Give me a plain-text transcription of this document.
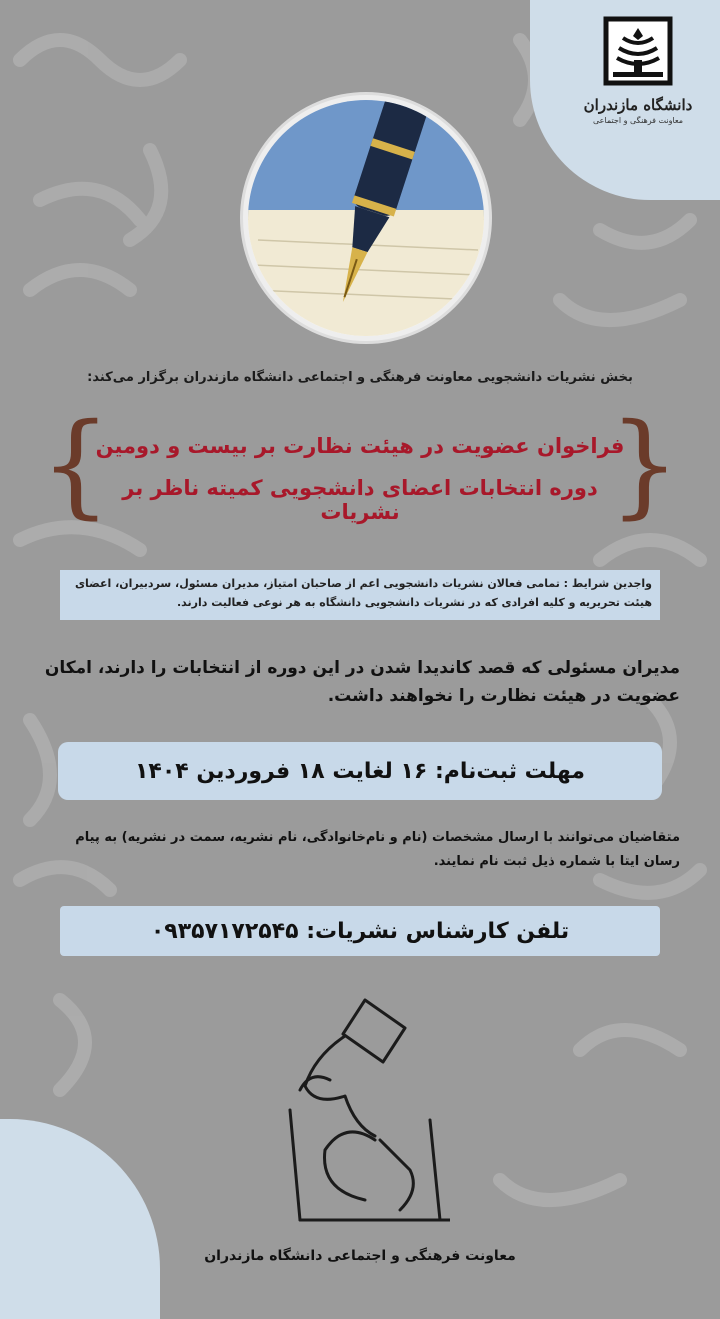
دانشگاه مازندران
معاونت فرهنگی و اجتماعی
بخش نشریات دانشجویی معاونت فرهنگی و اجتماعی دانشگاه مازندران برگزار می‌کند:
{
}
فراخوان عضویت در هیئت نظارت بر بیست و دومین
دوره انتخابات اعضای دانشجویی کمیته ناظر بر نشریات
واجدین شرایط : تمامی فعالان نشریات دانشجویی اعم از صاحبان امتیاز، مدیران مسئول، سردبیران، اعضای هیئت تحریریه و کلیه افرادی که در نشریات دانشجویی دانشگاه به هر نوعی فعالیت دارند.
مدیران مسئولی که قصد کاندیدا شدن در این دوره از انتخابات را دارند، امکان عضویت در هیئت نظارت را نخواهند داشت.
مهلت ثبت‌نام: ۱۶ لغایت ۱۸ فروردین ۱۴۰۴
متقاضیان می‌توانند با ارسال مشخصات (نام و نام‌خانوادگی، نام نشریه، سمت در نشریه) به پیام رسان ایتا با شماره ذیل ثبت نام نمایند.
تلفن کارشناس نشریات: ۰۹۳۵۷۱۷۲۵۴۵
معاونت فرهنگی و اجتماعی دانشگاه مازندران
